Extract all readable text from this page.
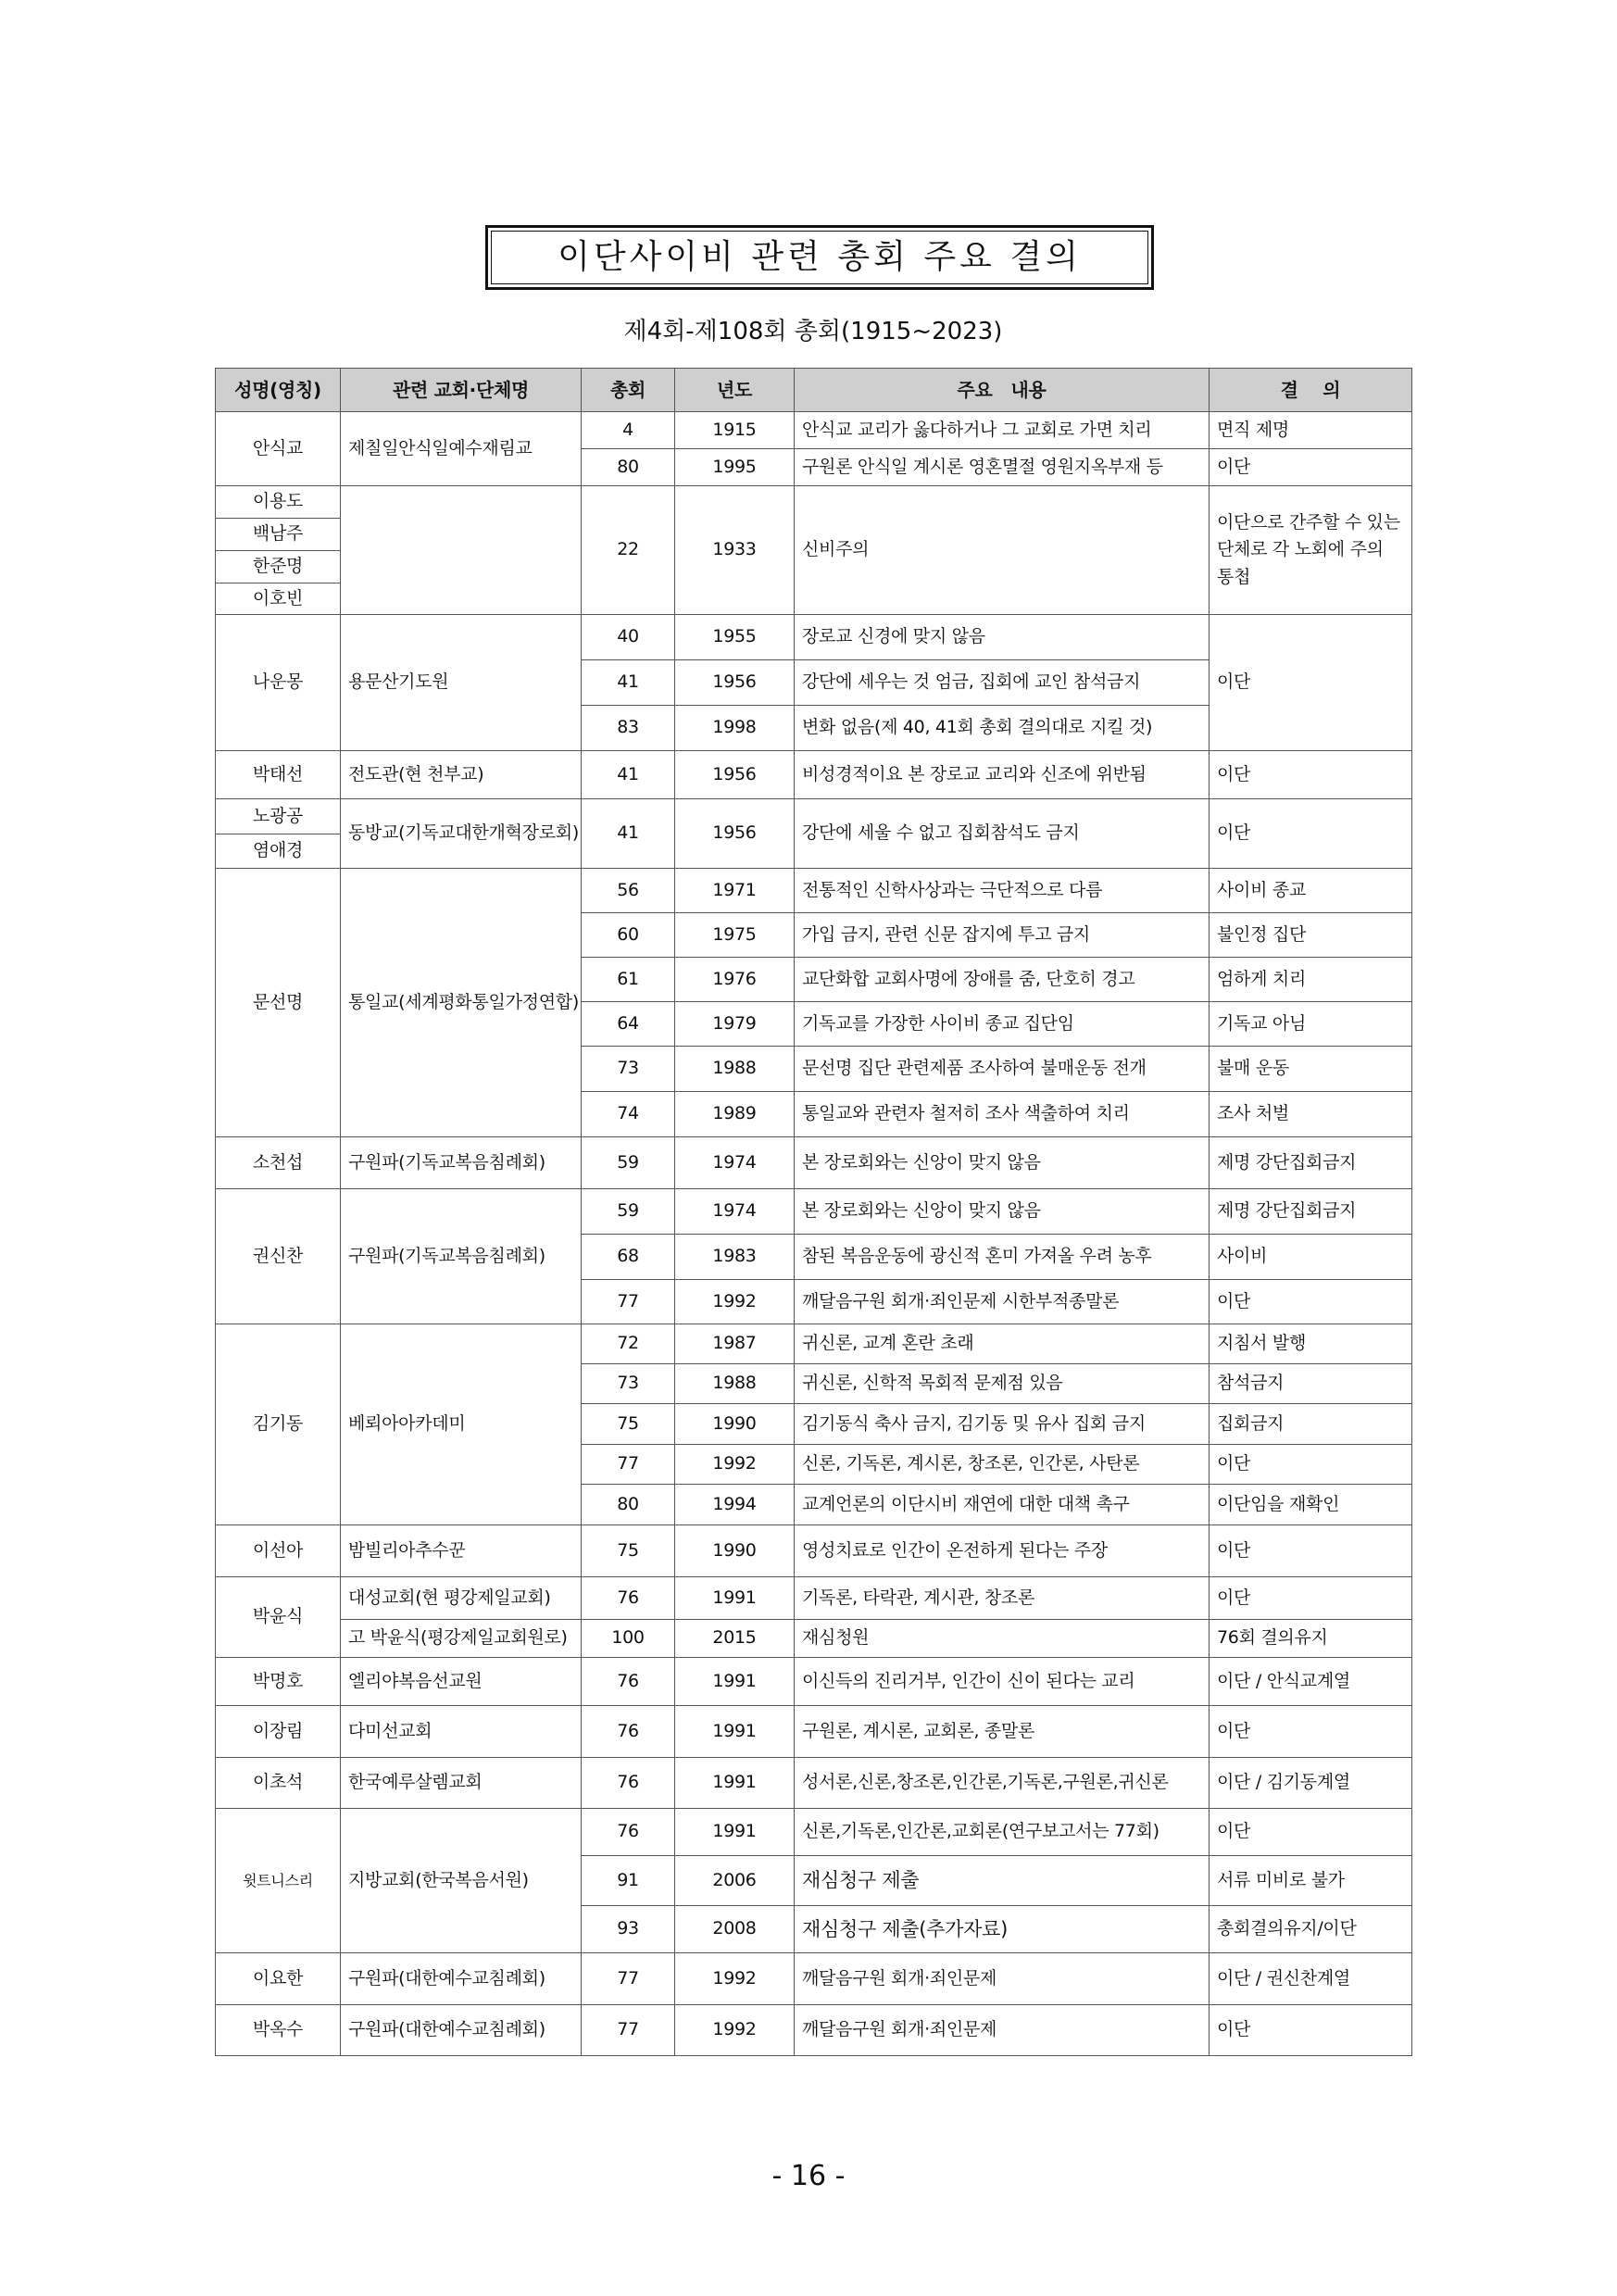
이단사이비 관련 총회 주요 결의
제4회-제108회 총회(1915~2023)
성명(영칭)	관련 교회·단체명	총회	년도	주요   내용	결    의
안식교	제칠일안식일예수재림교	4	1915	안식교 교리가 옳다하거나 그 교회로 가면 치리	면직 제명
		80	1995	구원론 안식일 계시론 영혼멸절 영원지옥부재 등	이단
이용도		22	1933	신비주의	이단으로 간주할 수 있는 단체로 각 노회에 주의 통첩
백남주					
한준명					
이호빈					
나운몽	용문산기도원	40	1955	장로교 신경에 맞지 않음	이단
		41	1956	강단에 세우는 것 엄금, 집회에 교인 참석금지	
		83	1998	변화 없음(제 40, 41회 총회 결의대로 지킬 것)	
박태선	전도관(현 천부교)	41	1956	비성경적이요 본 장로교 교리와 신조에 위반됨	이단
노광공	동방교(기독교대한개혁장로회)	41	1956	강단에 세울 수 없고 집회참석도 금지	이단
염애경					
문선명	통일교(세계평화통일가정연합)	56	1971	전통적인 신학사상과는 극단적으로 다름	사이비 종교
		60	1975	가입 금지, 관련 신문 잡지에 투고 금지	불인정 집단
		61	1976	교단화합 교회사명에 장애를 줌, 단호히 경고	엄하게 치리
		64	1979	기독교를 가장한 사이비 종교 집단임	기독교 아님
		73	1988	문선명 집단 관련제품 조사하여 불매운동 전개	불매 운동
		74	1989	통일교와 관련자 철저히 조사 색출하여 치리	조사 처벌
소천섭	구원파(기독교복음침례회)	59	1974	본 장로회와는 신앙이 맞지 않음	제명 강단집회금지
권신찬	구원파(기독교복음침례회)	59	1974	본 장로회와는 신앙이 맞지 않음	제명 강단집회금지
		68	1983	참된 복음운동에 광신적 혼미 가져올 우려 농후	사이비
		77	1992	깨달음구원 회개·죄인문제 시한부적종말론	이단
김기동	베뢰아아카데미	72	1987	귀신론, 교계 혼란 초래	지침서 발행
		73	1988	귀신론, 신학적 목회적 문제점 있음	참석금지
		75	1990	김기동식 축사 금지, 김기동 및 유사 집회 금지	집회금지
		77	1992	신론, 기독론, 계시론, 창조론, 인간론, 사탄론	이단
		80	1994	교계언론의 이단시비 재연에 대한 대책 촉구	이단임을 재확인
이선아	밤빌리아추수꾼	75	1990	영성치료로 인간이 온전하게 된다는 주장	이단
박윤식	대성교회(현 평강제일교회)	76	1991	기독론, 타락관, 계시관, 창조론	이단
	고 박윤식(평강제일교회원로)	100	2015	재심청원	76회 결의유지
박명호	엘리야복음선교원	76	1991	이신득의 진리거부, 인간이 신이 된다는 교리	이단 / 안식교계열
이장림	다미선교회	76	1991	구원론, 계시론, 교회론, 종말론	이단
이초석	한국예루살렘교회	76	1991	성서론,신론,창조론,인간론,기독론,구원론,귀신론	이단 / 김기동계열
윗트니스리	지방교회(한국복음서원)	76	1991	신론,기독론,인간론,교회론(연구보고서는 77회)	이단
		91	2006	재심청구 제출	서류 미비로 불가
		93	2008	재심청구 제출(추가자료)	총회결의유지/이단
이요한	구원파(대한예수교침례회)	77	1992	깨달음구원 회개·죄인문제	이단 / 권신찬계열
박옥수	구원파(대한예수교침례회)	77	1992	깨달음구원 회개·죄인문제	이단
- 16 -
